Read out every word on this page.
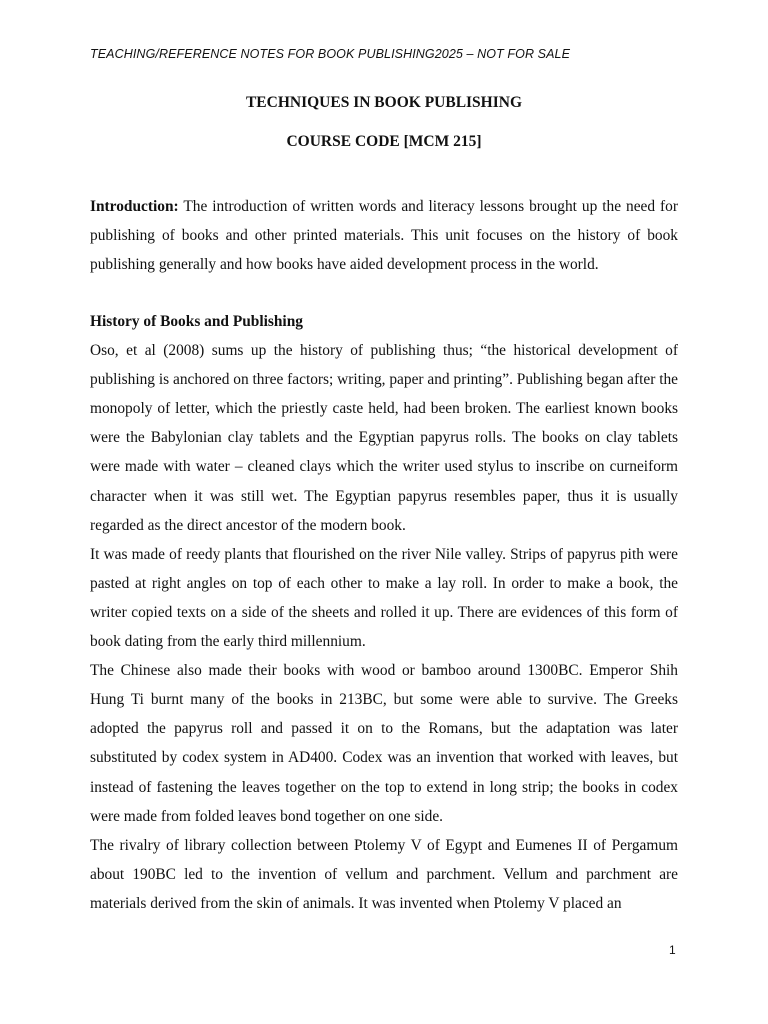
TEACHING/REFERENCE NOTES FOR BOOK PUBLISHING2025 – NOT FOR SALE
TECHNIQUES IN BOOK PUBLISHING
COURSE CODE [MCM 215]

Introduction: The introduction of written words and literacy lessons brought up the need for publishing of books and other printed materials. This unit focuses on the history of book publishing generally and how books have aided development process in the world.

History of Books and Publishing

Oso, et al (2008) sums up the history of publishing thus; “the historical development of publishing is anchored on three factors; writing, paper and printing”. Publishing began after the monopoly of letter, which the priestly caste held, had been broken. The earliest known books were the Babylonian clay tablets and the Egyptian papyrus rolls. The books on clay tablets were made with water – cleaned clays which the writer used stylus to inscribe on curneiform character when it was still wet. The Egyptian papyrus resembles paper, thus it is usually regarded as the direct ancestor of the modern book.

It was made of reedy plants that flourished on the river Nile valley. Strips of papyrus pith were pasted at right angles on top of each other to make a lay roll. In order to make a book, the writer copied texts on a side of the sheets and rolled it up. There are evidences of this form of book dating from the early third millennium.

The Chinese also made their books with wood or bamboo around 1300BC. Emperor Shih Hung Ti burnt many of the books in 213BC, but some were able to survive. The Greeks adopted the papyrus roll and passed it on to the Romans, but the adaptation was later substituted by codex system in AD400. Codex was an invention that worked with leaves, but instead of fastening the leaves together on the top to extend in long strip; the books in codex were made from folded leaves bond together on one side.

The rivalry of library collection between Ptolemy V of Egypt and Eumenes II of Pergamum about 190BC led to the invention of vellum and parchment. Vellum and parchment are materials derived from the skin of animals. It was invented when Ptolemy V placed an

1
